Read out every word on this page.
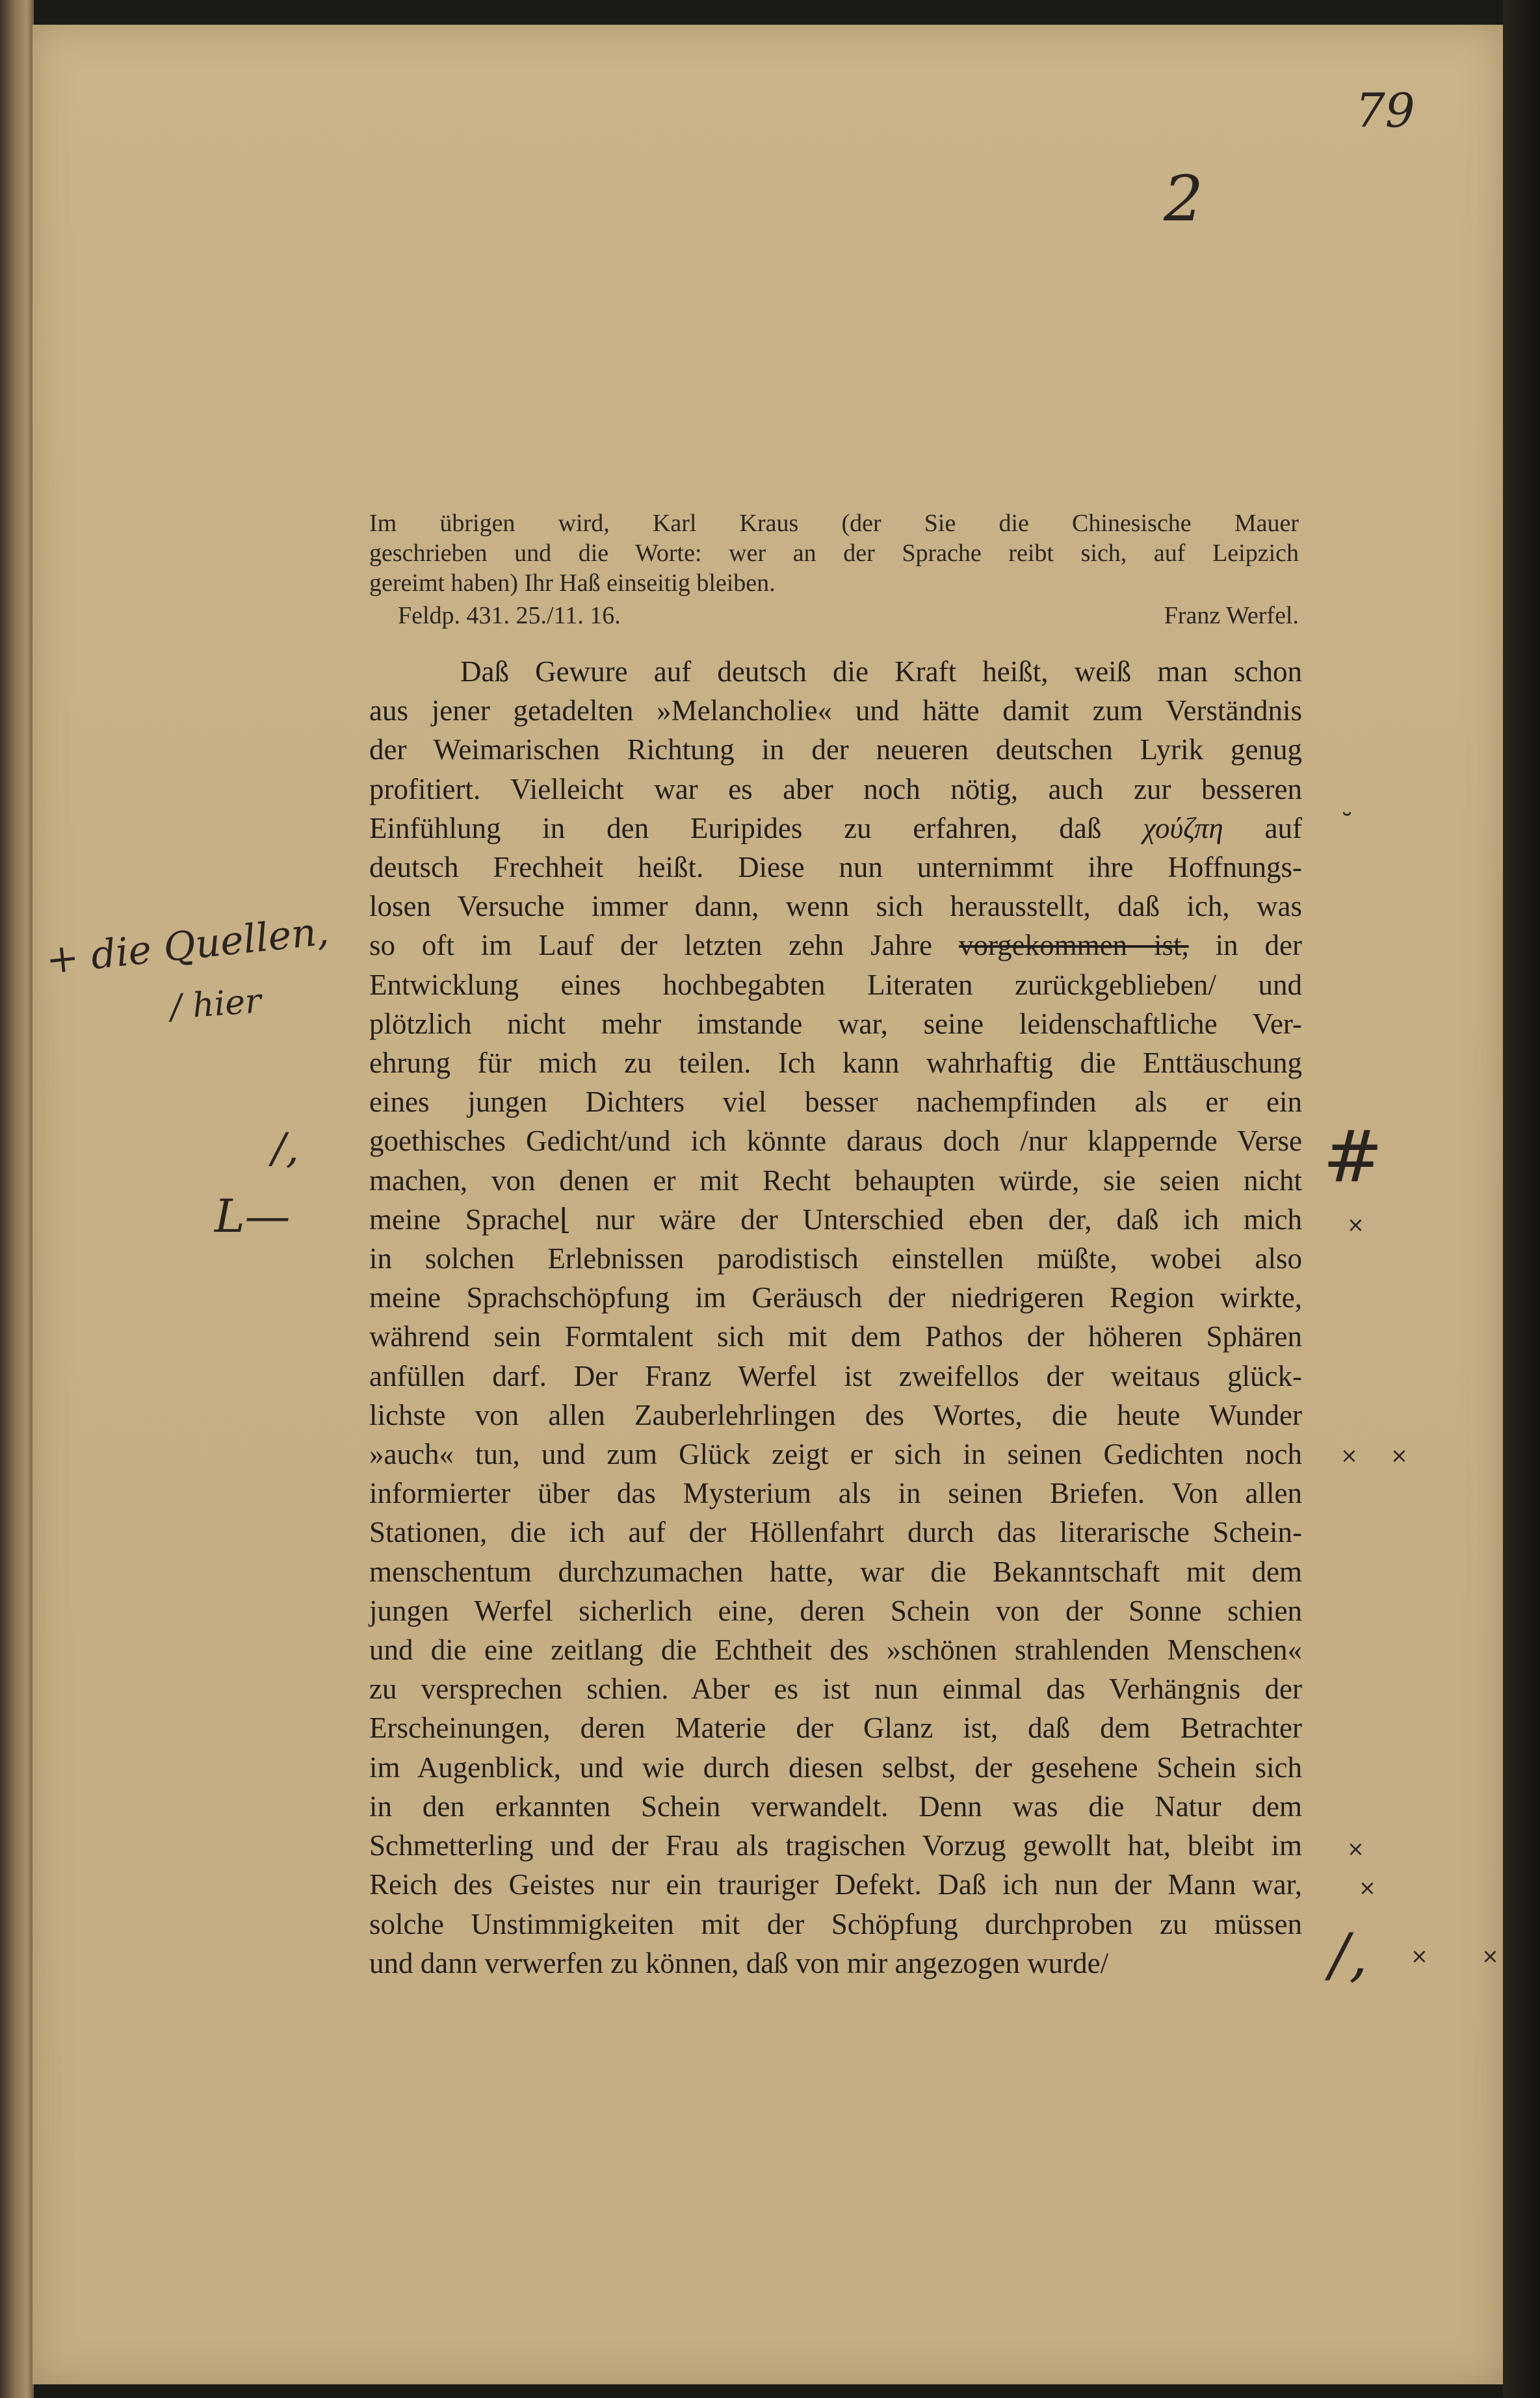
79
2

Im übrigen wird, Karl Kraus (der Sie die Chinesische Mauer

geschrieben und die Worte: wer an der Sprache reibt sich, auf Leipzich

gereimt haben) Ihr Haß einseitig bleiben.

Feldp. 431. 25./11. 16.	Franz Werfel.
Daß Gewure auf deutsch die Kraft heißt, weiß man schon
aus jener getadelten »Melancholie« und hätte damit zum Verständnis
der Weimarischen Richtung in der neueren deutschen Lyrik genug
profitiert. Vielleicht war es aber noch nötig, auch zur besseren
Einfühlung in den Euripides zu erfahren, daß χούζπη auf
deutsch Frechheit heißt. Diese nun unternimmt ihre Hoffnungs-
losen Versuche immer dann, wenn sich herausstellt, daß ich, was
so oft im Lauf der letzten zehn Jahre vorgekommen ist, in der
Entwicklung eines hochbegabten Literaten zurückgeblieben/ und
plötzlich nicht mehr imstande war, seine leidenschaftliche Ver-
ehrung für mich zu teilen. Ich kann wahrhaftig die Enttäuschung
eines jungen Dichters viel besser nachempfinden als er ein
goethisches Gedicht/und ich könnte daraus doch /nur klappernde Verse
machen, von denen er mit Recht behaupten würde, sie seien nicht
meine Sprache⌊ nur wäre der Unterschied eben der, daß ich mich
in solchen Erlebnissen parodistisch einstellen müßte, wobei also
meine Sprachschöpfung im Geräusch der niedrigeren Region wirkte,
während sein Formtalent sich mit dem Pathos der höheren Sphären
anfüllen darf. Der Franz Werfel ist zweifellos der weitaus glück-
lichste von allen Zauberlehrlingen des Wortes, die heute Wunder
»auch« tun, und zum Glück zeigt er sich in seinen Gedichten noch
informierter über das Mysterium als in seinen Briefen. Von allen
Stationen, die ich auf der Höllenfahrt durch das literarische Schein-
menschentum durchzumachen hatte, war die Bekanntschaft mit dem
jungen Werfel sicherlich eine, deren Schein von der Sonne schien
und die eine zeitlang die Echtheit des »schönen strahlenden Menschen«
zu versprechen schien. Aber es ist nun einmal das Verhängnis der
Erscheinungen, deren Materie der Glanz ist, daß dem Betrachter
im Augenblick, und wie durch diesen selbst, der gesehene Schein sich
in den erkannten Schein verwandelt. Denn was die Natur dem
Schmetterling und der Frau als tragischen Vorzug gewollt hat, bleibt im
Reich des Geistes nur ein trauriger Defekt. Daß ich nun der Mann war,
solche Unstimmigkeiten mit der Schöpfung durchproben zu müssen
und dann verwerfen zu können, daß von mir angezogen wurde/
+ die Quellen,
/ hier
/,
L—
˘
#
×
× ×
×
×
/, × ×
